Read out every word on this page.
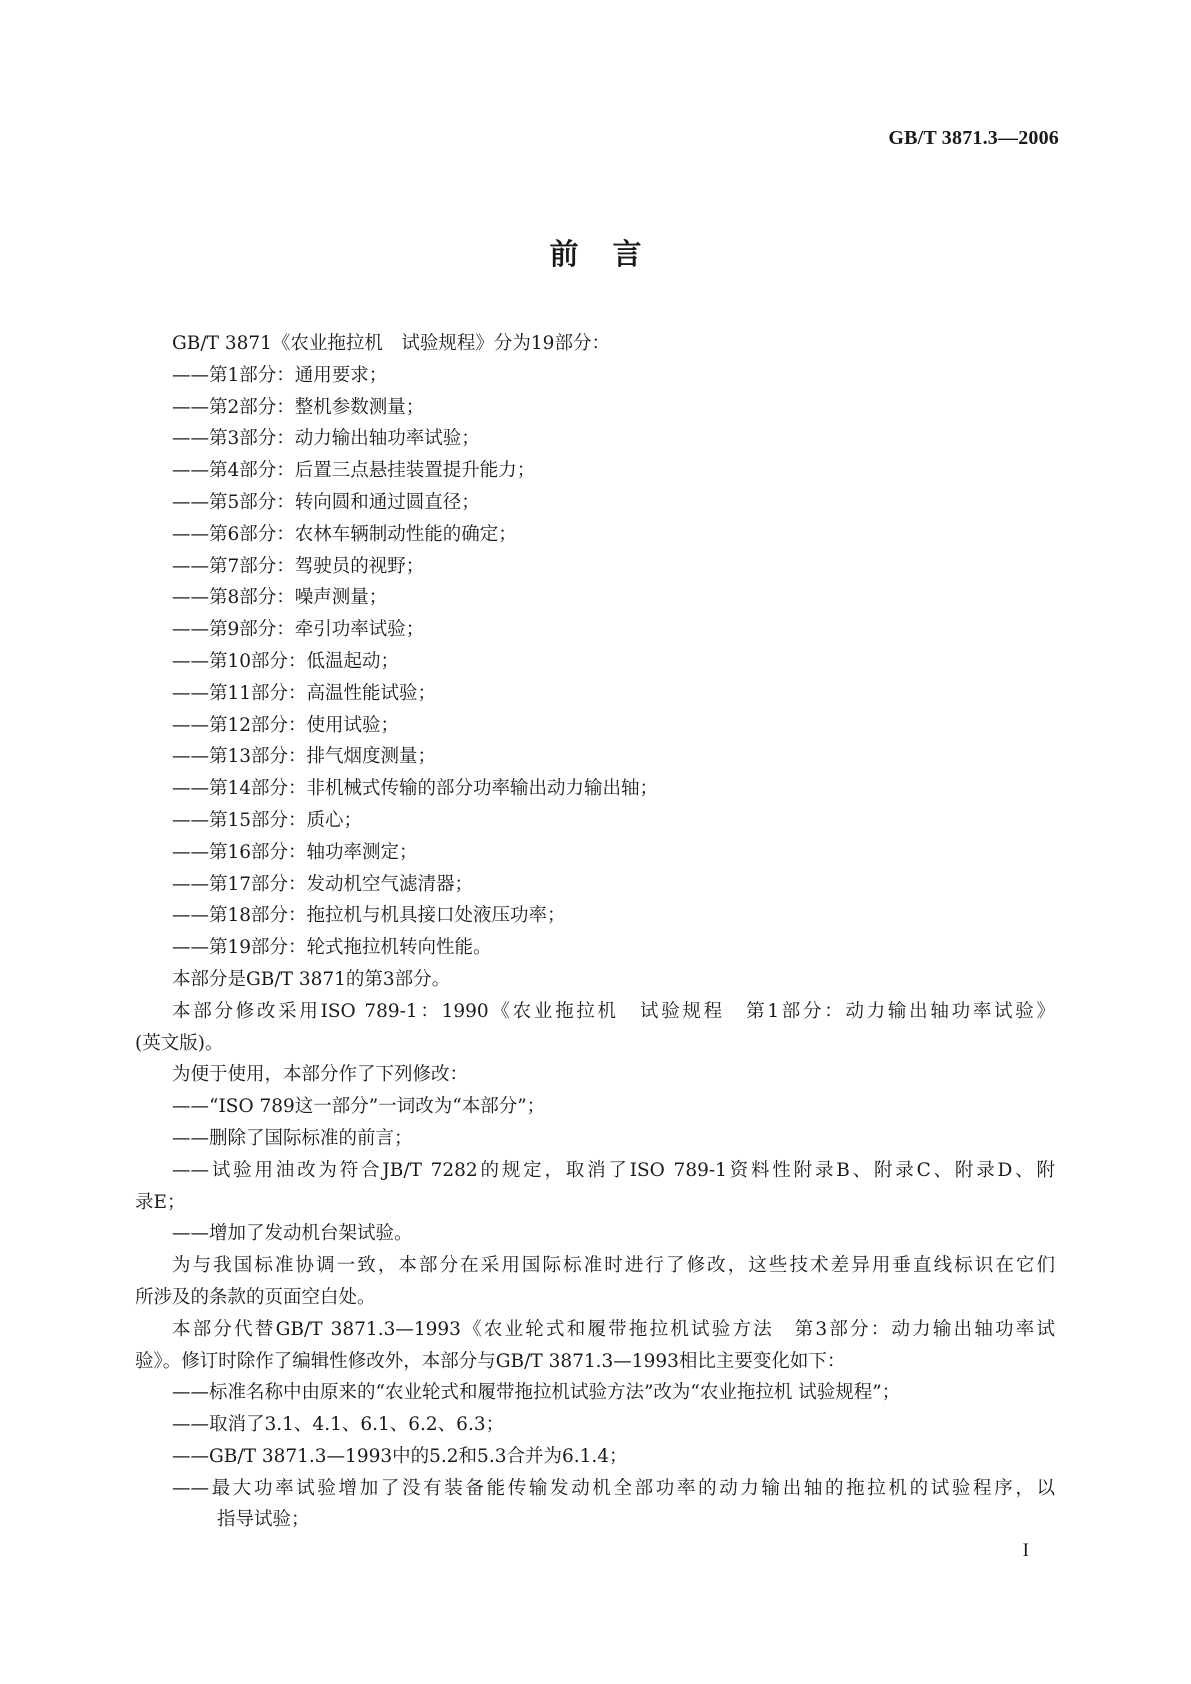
GB/T 3871.3—2006
前言
GB/T 3871《农业拖拉机　试验规程》分为19部分：
——第1部分：通用要求；
——第2部分：整机参数测量；
——第3部分：动力输出轴功率试验；
——第4部分：后置三点悬挂装置提升能力；
——第5部分：转向圆和通过圆直径；
——第6部分：农林车辆制动性能的确定；
——第7部分：驾驶员的视野；
——第8部分：噪声测量；
——第9部分：牵引功率试验；
——第10部分：低温起动；
——第11部分：高温性能试验；
——第12部分：使用试验；
——第13部分：排气烟度测量；
——第14部分：非机械式传输的部分功率输出动力输出轴；
——第15部分：质心；
——第16部分：轴功率测定；
——第17部分：发动机空气滤清器；
——第18部分：拖拉机与机具接口处液压功率；
——第19部分：轮式拖拉机转向性能。
本部分是GB/T 3871的第3部分。
本部分修改采用ISO 789-1：1990《农业拖拉机　试验规程　第1部分：动力输出轴功率试验》
(英文版)。
为便于使用，本部分作了下列修改：
——“ISO 789这一部分”一词改为“本部分”；
——删除了国际标准的前言；
——试验用油改为符合JB/T 7282的规定，取消了ISO 789-1资料性附录B、附录C、附录D、附
录E；
——增加了发动机台架试验。
为与我国标准协调一致，本部分在采用国际标准时进行了修改，这些技术差异用垂直线标识在它们
所涉及的条款的页面空白处。
本部分代替GB/T 3871.3—1993《农业轮式和履带拖拉机试验方法　第3部分：动力输出轴功率试
验》。修订时除作了编辑性修改外，本部分与GB/T 3871.3—1993相比主要变化如下：
——标准名称中由原来的“农业轮式和履带拖拉机试验方法”改为“农业拖拉机 试验规程”；
——取消了3.1、4.1、6.1、6.2、6.3；
——GB/T 3871.3—1993中的5.2和5.3合并为6.1.4；
——最大功率试验增加了没有装备能传输发动机全部功率的动力输出轴的拖拉机的试验程序，以
指导试验；
I
